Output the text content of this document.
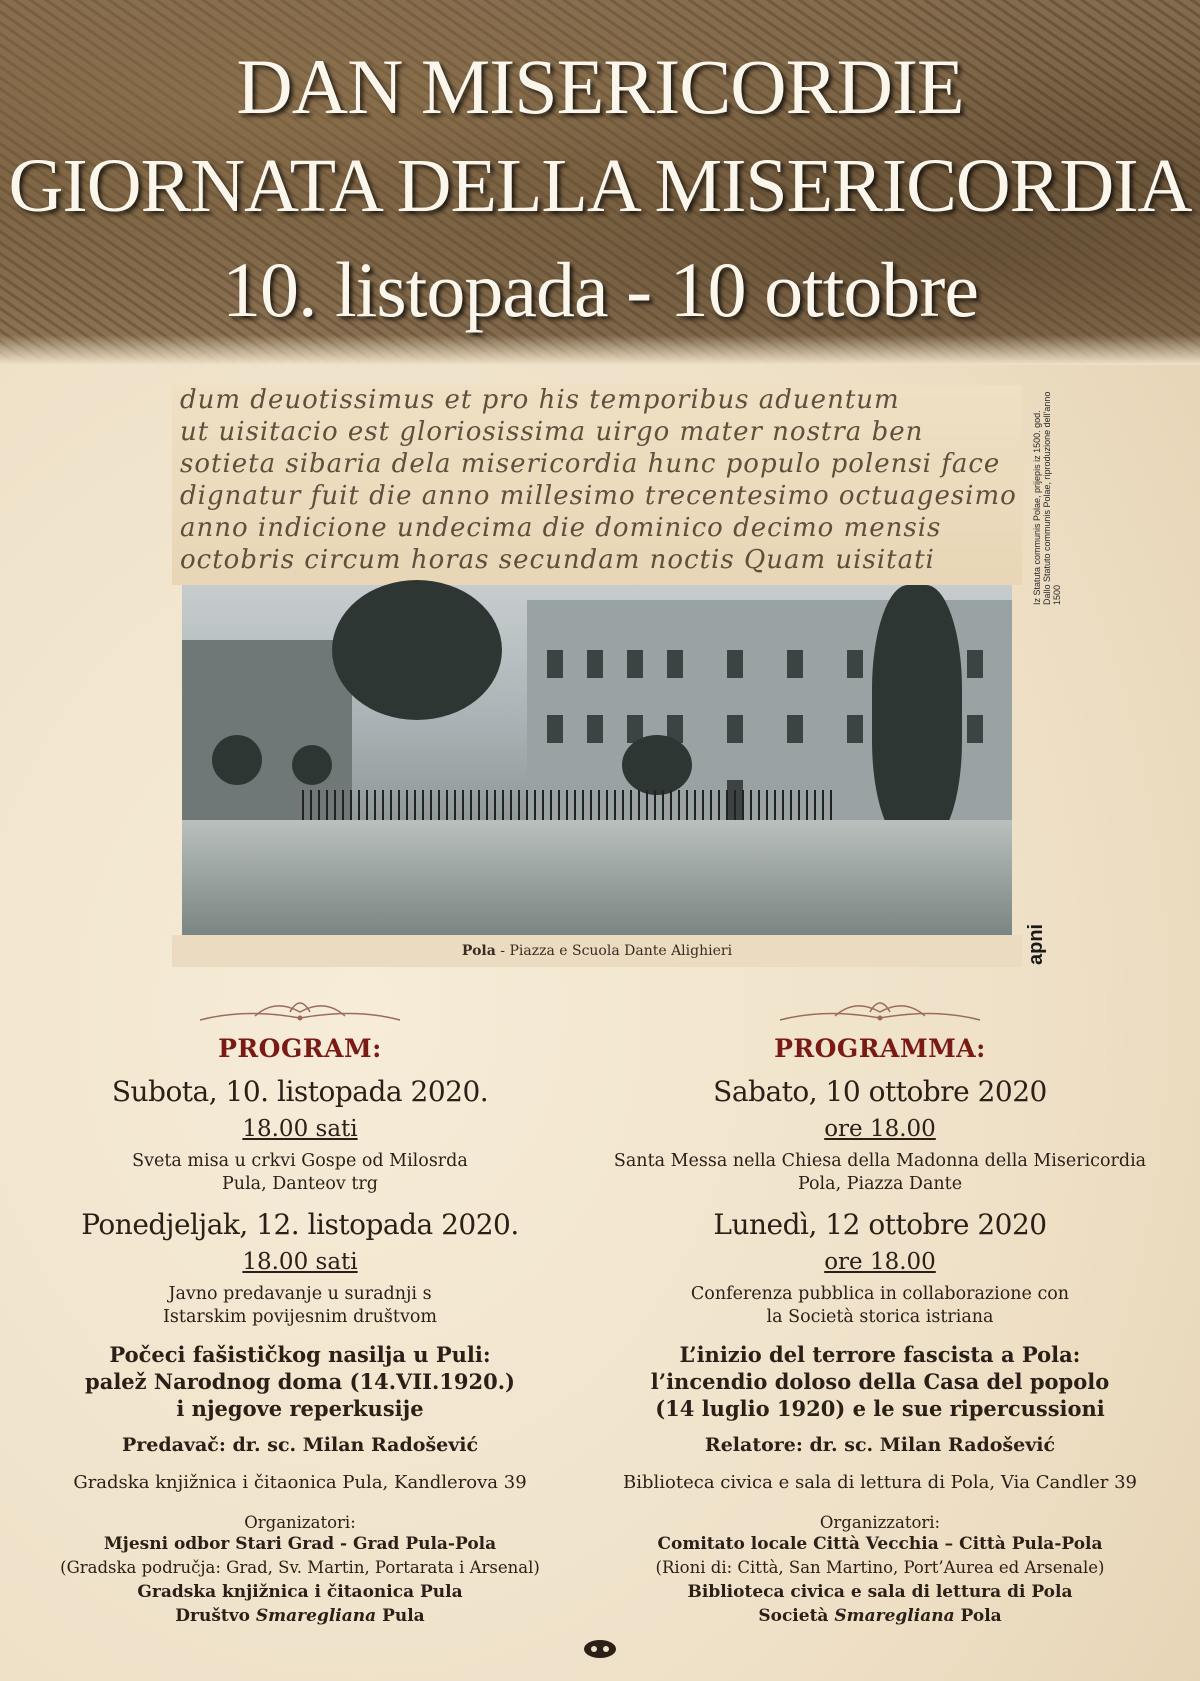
DAN MISERICORDIE
GIORNATA DELLA MISERICORDIA
10. listopada - 10 ottobre
dum deuotissimus et pro his temporibus aduentum
ut uisitacio est gloriosissima uirgo mater nostra ben
sotieta sibaria dela misericordia hunc populo polensi face
dignatur fuit die anno millesimo trecentesimo octuagesimo
anno indicione undecima die dominico decimo mensis
octobris circum horas secundam noctis Quam uisitati	Iz Statuta communis Polae, prijepis iz 1500. god.
Dallo Statuto communis Polae, riproduzione dell'anno 1500
Pola - Piazza e Scuola Dante Alighieri	apni
PROGRAM:
Subota, 10. listopada 2020.
18.00 sati
Sveta misa u crkvi Gospe od Milosrda
Pula, Danteov trg
Ponedjeljak, 12. listopada 2020.
18.00 sati
Javno predavanje u suradnji s
Istarskim povijesnim društvom
Počeci fašističkog nasilja u Puli:
palež Narodnog doma (14.VII.1920.)
i njegove reperkusije
Predavač: dr. sc. Milan Radošević
Gradska knjižnica i čitaonica Pula, Kandlerova 39
Organizatori:
Mjesni odbor Stari Grad - Grad Pula-Pola
(Gradska područja: Grad, Sv. Martin, Portarata i Arsenal)
Gradska knjižnica i čitaonica Pula
Društvo Smaregliana Pula
PROGRAMMA:
Sabato, 10 ottobre 2020
ore 18.00
Santa Messa nella Chiesa della Madonna della Misericordia
Pola, Piazza Dante
Lunedì, 12 ottobre 2020
ore 18.00
Conferenza pubblica in collaborazione con
la Società storica istriana
L’inizio del terrore fascista a Pola:
l’incendio doloso della Casa del popolo
(14 luglio 1920) e le sue ripercussioni
Relatore: dr. sc. Milan Radošević
Biblioteca civica e sala di lettura di Pola, Via Candler 39
Organizzatori:
Comitato locale Città Vecchia – Città Pula-Pola
(Rioni di: Città, San Martino, Port’Aurea ed Arsenale)
Biblioteca civica e sala di lettura di Pola
Società Smaregliana Pola
